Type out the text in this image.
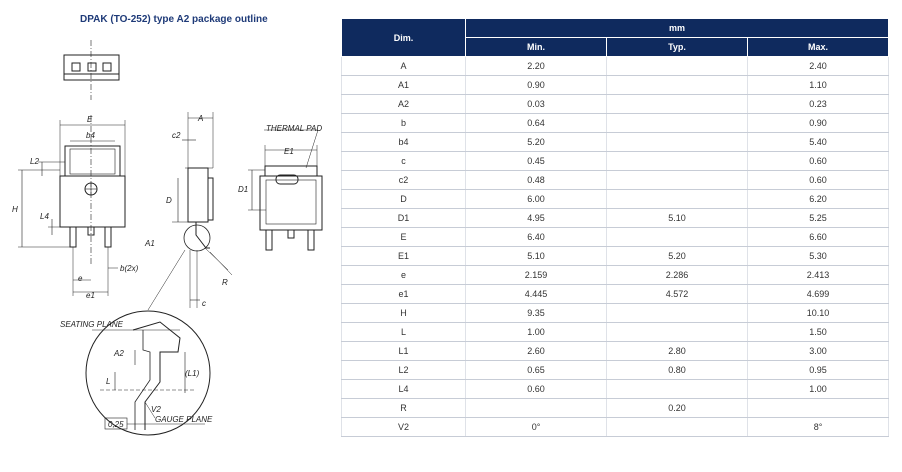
DPAK (TO-252) type A2 package outline
E
b4
L2
H
L4
e
e1
b(2x)
c2
A
D
A1
R
c
THERMAL PAD
E1
D1
SEATING PLANE
A2
(L1)
L
V2
0,25
GAUGE PLANE
Dim.	mm		
	Min.	Typ.	Max.
A	2.20		2.40
A1	0.90		1.10
A2	0.03		0.23
b	0.64		0.90
b4	5.20		5.40
c	0.45		0.60
c2	0.48		0.60
D	6.00		6.20
D1	4.95	5.10	5.25
E	6.40		6.60
E1	5.10	5.20	5.30
e	2.159	2.286	2.413
e1	4.445	4.572	4.699
H	9.35		10.10
L	1.00		1.50
L1	2.60	2.80	3.00
L2	0.65	0.80	0.95
L4	0.60		1.00
R		0.20	
V2	0°		8°
